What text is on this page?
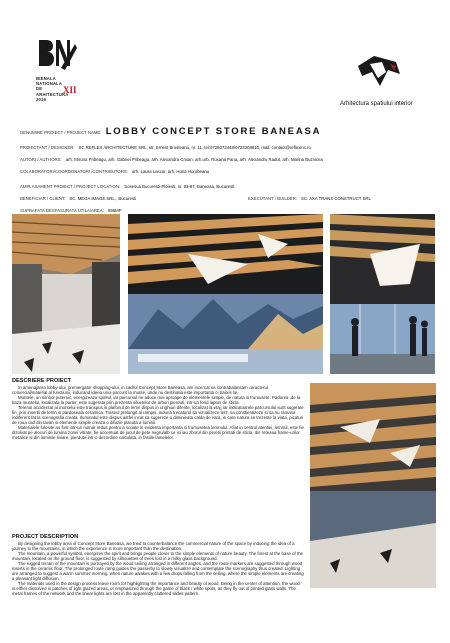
BIENALA
NATIONALA
DE
ARHITECTURA
2016
XII
Arhitectura spatiului interior
DENUMIRE PROIECT / PROJECT NAME: LOBBY CONCEPT STORE BANEASA
PROIECTANT / DESIGNER: SC REFLEX ARCHITECTURE SRL, str. Ernest Brosteanu, nr. 11, tel:0728072448/0723308810, mail: contact@reflexinc.ro
AUTORI / AUTHORS: arh. Miruna Pribeagu, arh. Gabriel Pribeagu, arh. Alexandra Crisan, arh.urb. Roxana Pana, arh. Alexandru Radut, arh. Marina Buznicea
COLABORATORI/COORDONATORI /CONTRIBUTORS: arh. Laura Lascar, arh. Horia Horobeanu
AMPLASAMENT PROIECT / PROJECT LOCATION: Sosesua Bucuresti-Ploiesti, nr. 83-87, Baneasa, Bucuresti
BENEFICIAR / CLIENT: SC. MEGA IMAGE SRL., Bucuresti	EXECUTANT / BUILDER: SC. AXA TRANS CONSTRUCT SRL
SUPRAFATA DESFASURATA UTILA/AREA: 696MP
DESCRIERE PROIECT

In amenajarea lobby-ului, premergator shopping-ului, in cadrul Concept Store Baneasa, am incercat sa contrabalansam caracterul comercial/material al functiunii, inducand ideea unui parcurs la munte, unde nu destinatia este importanta ci traires lui.

Muntele, un simbol puternic, energizeaza spiritul, iar parcursul ne aduce mai aproape de elementele simple, de natura si frumusete. Padurea ,de la baza muntelui, localizata la parter, este sugerata prin prezenta siluetelor de arbori pierduti, intr-un fond laptos de sticla.

Terenul accidentat al muntelui este transpus in plafonul de lemn dispus in unghiuri diferite, localizat la etaj, iar indicatoarele parcursului sunt sugerate fin, prin insertii de lemn in pardoseala ceramica. Traseul prelungit al rampei, induna trecatorul sa vizualizeze lent, sa constientizeze si sa nu ramana indiferent fat la scenografia creata. Iluminatul este dispus astfel incat sa sugereze o diminieata calda de vara, in care natura se trezeste la viata, picaturi de roua cad din tavan si elemente simple creaza o difuzie placuta a luminii.

Materialele folosite au fost intr-un numar redus pentru a scoate in evidenta importanta si frumusetea lemnului. Afiat in centrul atentiei, lemnul, este fie dizolvat pe alocuri de lumina zonei vitrate, fie accentuat de jocul de pete negru/alb ce isi iau zborul din peretii printati de sticla, din reteaua frame-urilor metalice si din luminile liniare, pierdute intr-o dezordine calculata, in fasiile lamelelor.

PROJECT DESCRIPTION

By designing the lobby area of Concept Store Baneasa, we tried to counterbalance the commercial nature of the space by inducing the idea of a journey to the mountains, in which the experience is more important than the destination.

The mountain, a powerful symbol, energizes the spirit and brings people closer to the simple elements of nature beauty. The forest at the base of the mountain, located on the ground floor, is suggested by silhouettes of trees lost in a milky glass background.

The rugged terrain of the mountain is portrayed by the wood ceiling arranged in different angles, and the route markers are suggested through wood inserts in the ceramic floor. The prolonged route ramp guides the passerby to slowly visualize and contemplate the scenography thus created. Lighting are arranged to suggest a warm summer morning, when nature awakes with a few drops falling from the ceiling, where the simple elements are creating a pleasant light diffusion.

The materials used in the design process leave room for highlighting the importance and beauty of wood. Being in the center of attention, the wood is either dissolved in patches of light glazed areas, or emphasized through the game of black / white spots, as they fly out of printed glass walls. The metal frames of the network and the linear lights are lost in the apparently cluttered slides pattern.
